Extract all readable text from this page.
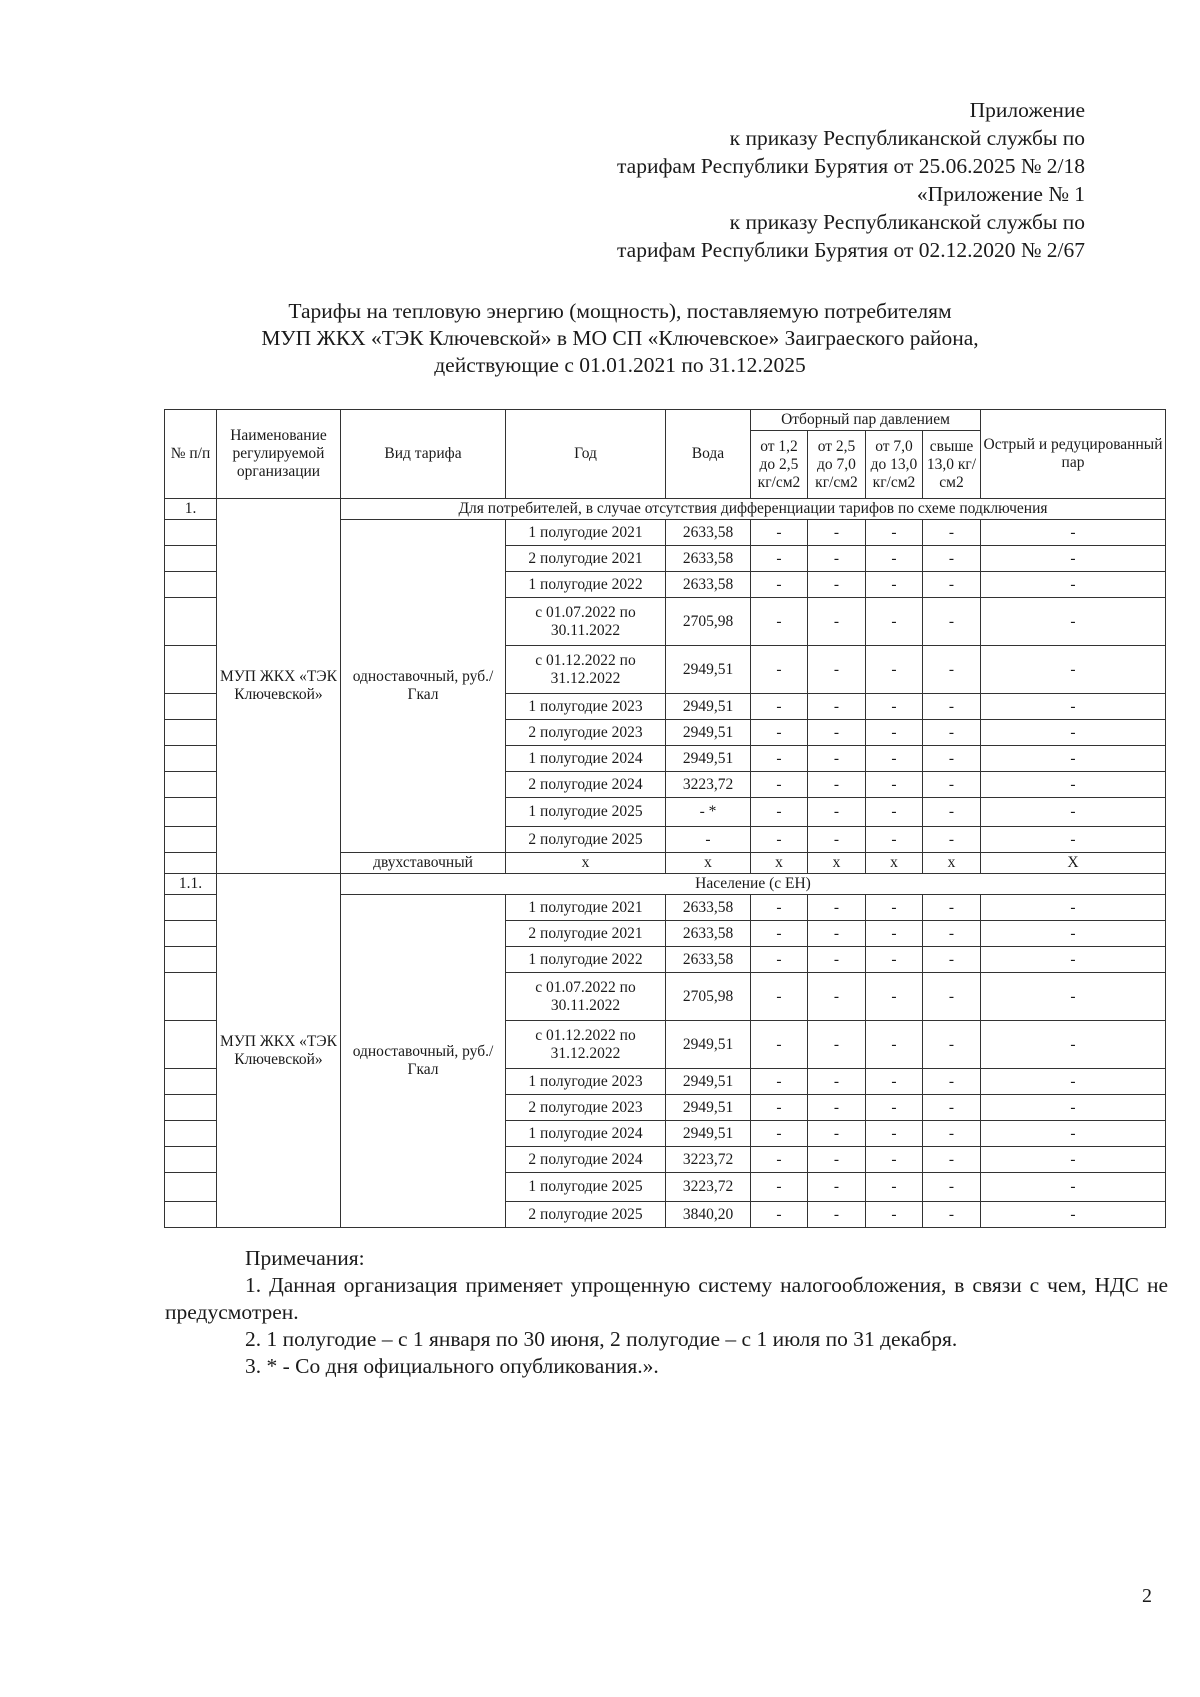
Приложение
к приказу Республиканской службы по
тарифам Республики Бурятия от 25.06.2025 № 2/18
«Приложение № 1
к приказу Республиканской службы по
тарифам Республики Бурятия от 02.12.2020 № 2/67
Тарифы на тепловую энергию (мощность), поставляемую потребителям
МУП ЖКХ «ТЭК Ключевской» в МО СП «Ключевское» Заиграеского района,
действующие с 01.01.2021 по 31.12.2025
№ п/п	Наименование регулируемой организации	Вид тарифа	Год	Вода	Отборный пар давлением				Острый и редуцированный пар
					от 1,2 до 2,5 кг/см2	от 2,5 до 7,0 кг/см2	от 7,0 до 13,0 кг/см2	свыше 13,0 кг/см2	
1.	МУП ЖКХ «ТЭК Ключевской»	Для потребителей, в случае отсутствия дифференциации тарифов по схеме подключения							
		одноставочный, руб./Гкал	1 полугодие 2021	2633,58	-	-	-	-	-
			2 полугодие 2021	2633,58	-	-	-	-	-
			1 полугодие 2022	2633,58	-	-	-	-	-
			с 01.07.2022 по 30.11.2022	2705,98	-	-	-	-	-
			с 01.12.2022 по 31.12.2022	2949,51	-	-	-	-	-
			1 полугодие 2023	2949,51	-	-	-	-	-
			2 полугодие 2023	2949,51	-	-	-	-	-
			1 полугодие 2024	2949,51	-	-	-	-	-
			2 полугодие 2024	3223,72	-	-	-	-	-
			1 полугодие 2025	- *	-	-	-	-	-
			2 полугодие 2025	-	-	-	-	-	-
		двухставочный	x	x	x	x	x	x	X
1.1.	МУП ЖКХ «ТЭК Ключевской»	Население (с ЕН)							
		одноставочный, руб./Гкал	1 полугодие 2021	2633,58	-	-	-	-	-
			2 полугодие 2021	2633,58	-	-	-	-	-
			1 полугодие 2022	2633,58	-	-	-	-	-
			с 01.07.2022 по 30.11.2022	2705,98	-	-	-	-	-
			с 01.12.2022 по 31.12.2022	2949,51	-	-	-	-	-
			1 полугодие 2023	2949,51	-	-	-	-	-
			2 полугодие 2023	2949,51	-	-	-	-	-
			1 полугодие 2024	2949,51	-	-	-	-	-
			2 полугодие 2024	3223,72	-	-	-	-	-
			1 полугодие 2025	3223,72	-	-	-	-	-
			2 полугодие 2025	3840,20	-	-	-	-	-
Примечания:
1. Данная организация применяет упрощенную систему налогообложения, в связи с чем, НДС не предусмотрен.
2. 1 полугодие – с 1 января по 30 июня, 2 полугодие – с 1 июля по 31 декабря.
3. * - Со дня официального опубликования.».
2
